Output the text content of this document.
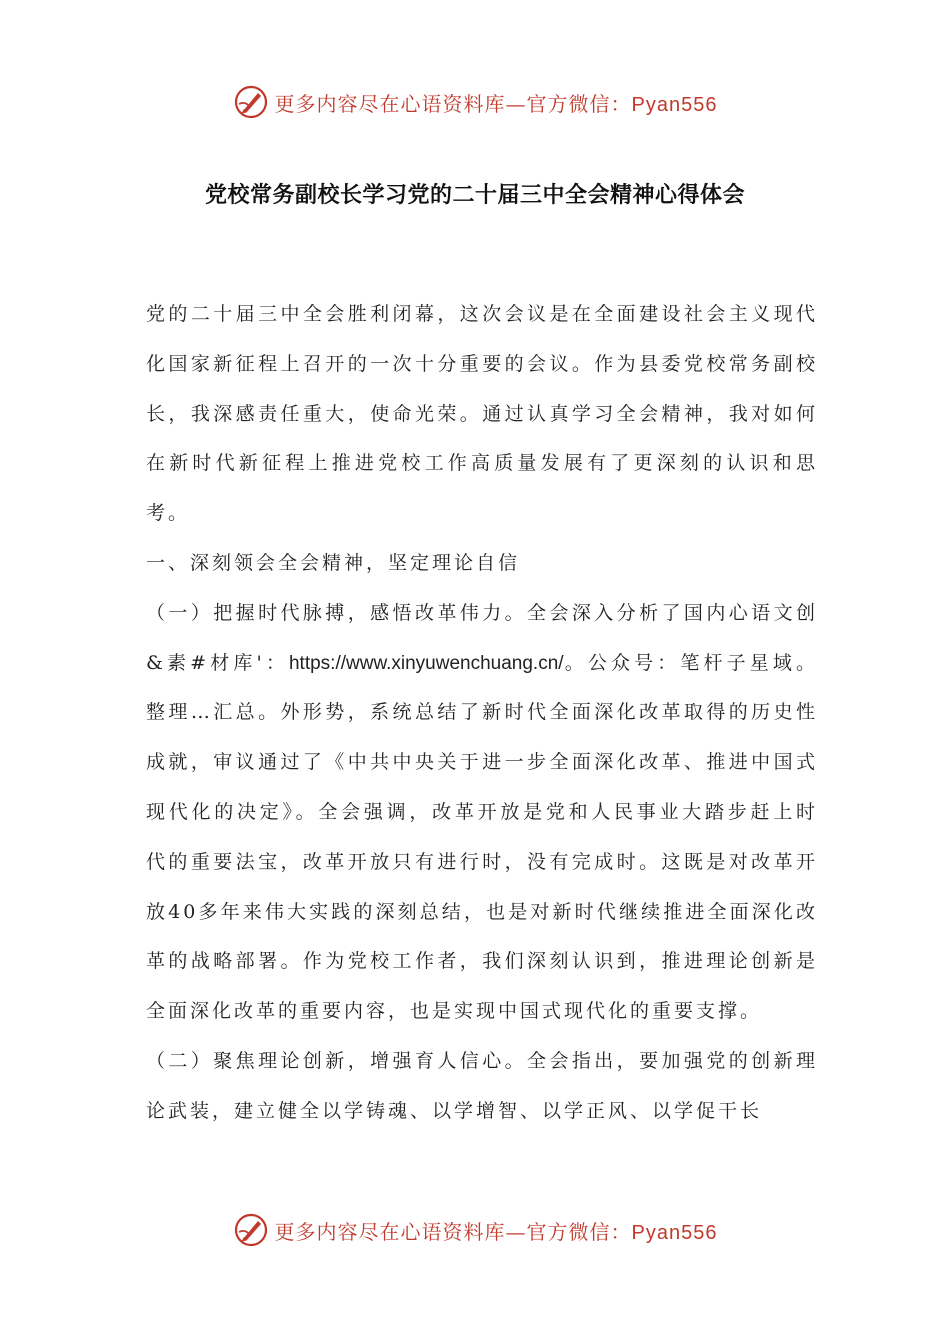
更多内容尽在心语资料库—官方微信：Pyan556
党校常务副校长学习党的二十届三中全会精神心得体会

党的二十届三中全会胜利闭幕，这次会议是在全面建设社会主义现代化国家新征程上召开的一次十分重要的会议。作为县委党校常务副校长，我深感责任重大，使命光荣。通过认真学习全会精神，我对如何在新时代新征程上推进党校工作高质量发展有了更深刻的认识和思考。

一、深刻领会全会精神，坚定理论自信

（一）把握时代脉搏，感悟改革伟力。全会深入分析了国内心语文创&素#材库'：https://www.xinyuwenchuang.cn/。公众号：笔杆子星域。整理…汇总。外形势，系统总结了新时代全面深化改革取得的历史性成就，审议通过了《中共中央关于进一步全面深化改革、推进中国式现代化的决定》。全会强调，改革开放是党和人民事业大踏步赶上时代的重要法宝，改革开放只有进行时，没有完成时。这既是对改革开放40多年来伟大实践的深刻总结，也是对新时代继续推进全面深化改革的战略部署。作为党校工作者，我们深刻认识到，推进理论创新是全面深化改革的重要内容，也是实现中国式现代化的重要支撑。

（二）聚焦理论创新，增强育人信心。全会指出，要加强党的创新理论武装，建立健全以学铸魂、以学增智、以学正风、以学促干长

更多内容尽在心语资料库—官方微信：Pyan556
